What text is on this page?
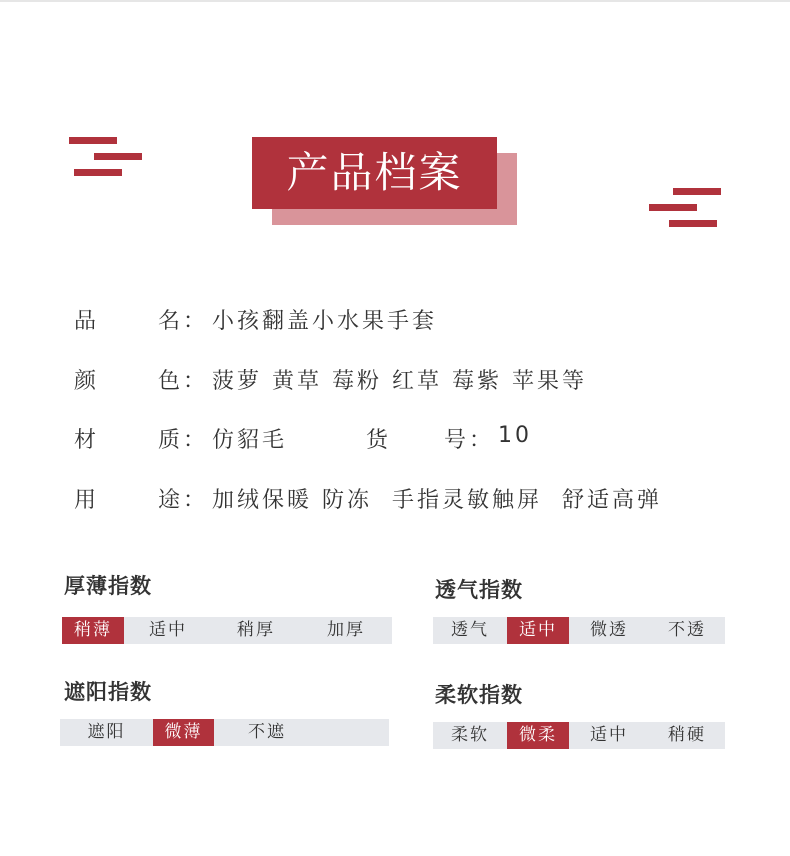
产品档案
品	名： 小孩翻盖小水果手套
颜	色： 菠萝 黄草 莓粉 红草 莓紫 苹果等
材	质： 仿貂毛	货 号： 10
用	途： 加绒保暖 防冻  手指灵敏触屏  舒适高弹
厚薄指数
稍薄	适中	稍厚	加厚
透气指数
透气	适中	微透	不透
遮阳指数
遮阳	微薄	不遮
柔软指数
柔软	微柔	适中	稍硬
